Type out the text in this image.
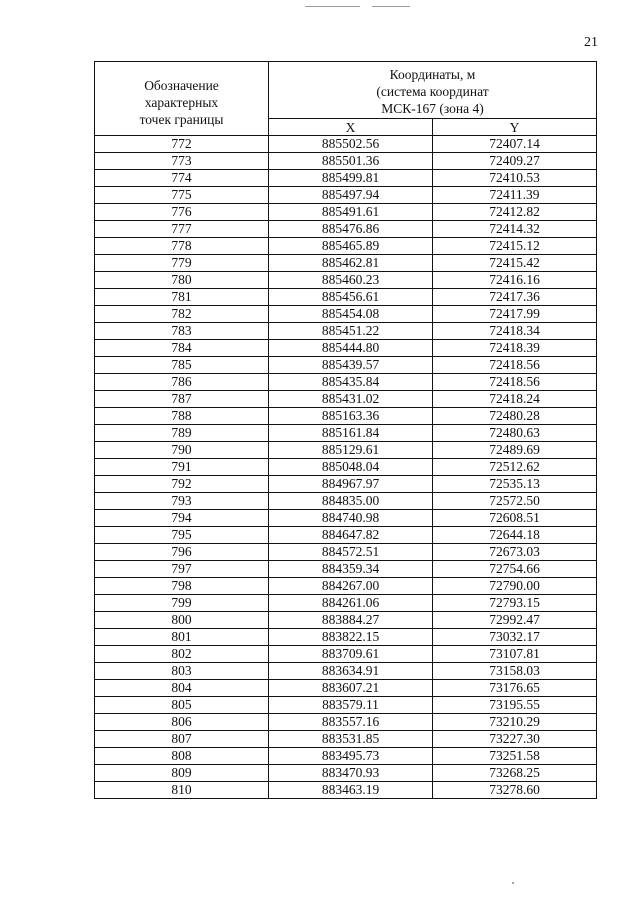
21
Обозначение
характерных
точек границы	Координаты, м
(система координат
МСК-167 (зона 4)	

	X	Y
772	885502.56	72407.14
773	885501.36	72409.27
774	885499.81	72410.53
775	885497.94	72411.39
776	885491.61	72412.82
777	885476.86	72414.32
778	885465.89	72415.12
779	885462.81	72415.42
780	885460.23	72416.16
781	885456.61	72417.36
782	885454.08	72417.99
783	885451.22	72418.34
784	885444.80	72418.39
785	885439.57	72418.56
786	885435.84	72418.56
787	885431.02	72418.24
788	885163.36	72480.28
789	885161.84	72480.63
790	885129.61	72489.69
791	885048.04	72512.62
792	884967.97	72535.13
793	884835.00	72572.50
794	884740.98	72608.51
795	884647.82	72644.18
796	884572.51	72673.03
797	884359.34	72754.66
798	884267.00	72790.00
799	884261.06	72793.15
800	883884.27	72992.47
801	883822.15	73032.17
802	883709.61	73107.81
803	883634.91	73158.03
804	883607.21	73176.65
805	883579.11	73195.55
806	883557.16	73210.29
807	883531.85	73227.30
808	883495.73	73251.58
809	883470.93	73268.25
810	883463.19	73278.60
